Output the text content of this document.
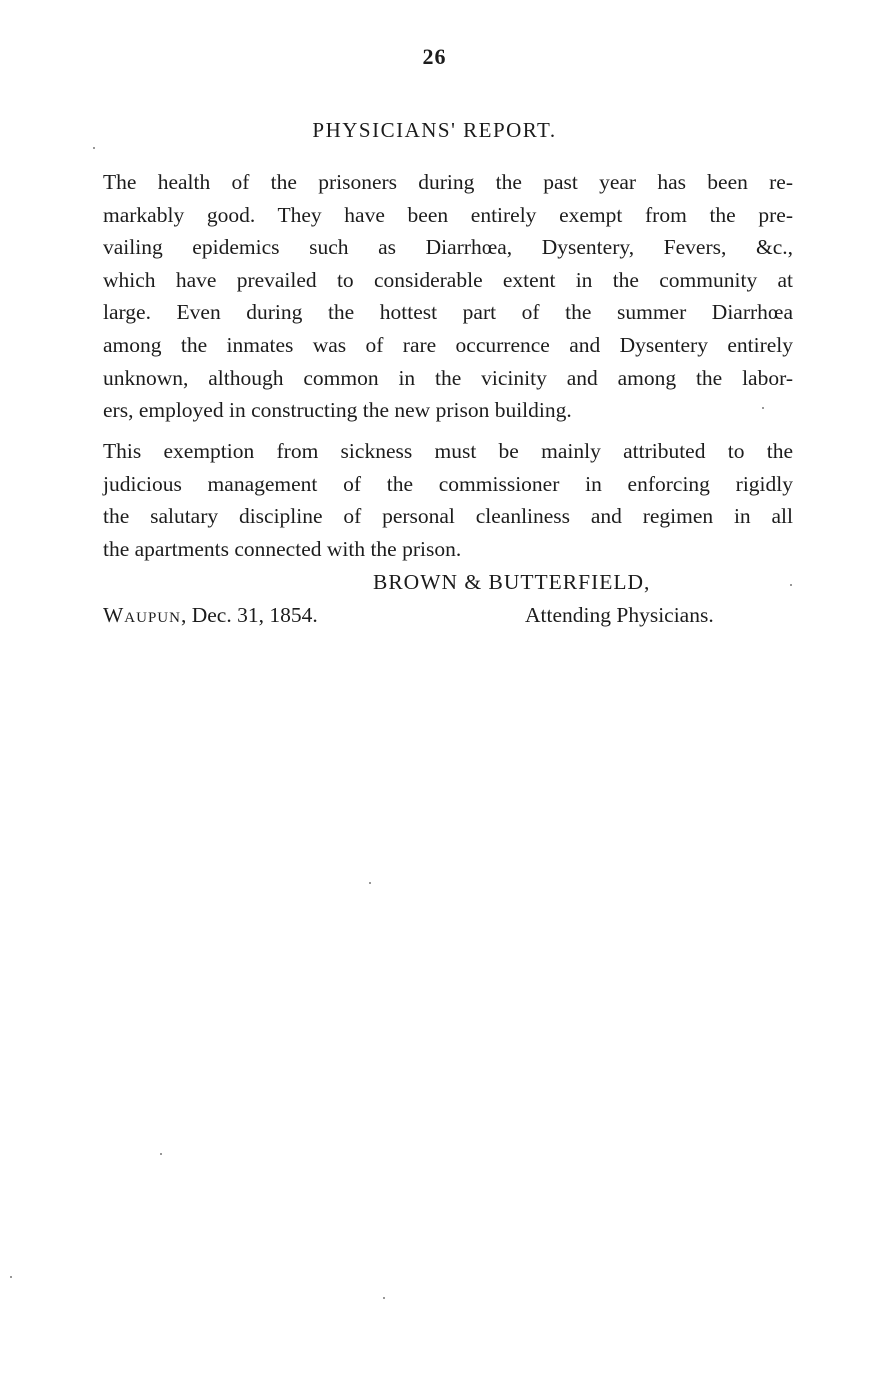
26
PHYSICIANS' REPORT.
The health of the prisoners during the past year has been re-
markably good. They have been entirely exempt from the pre-
vailing epidemics such as Diarrhœa, Dysentery, Fevers, &c.,
which have prevailed to considerable extent in the community at
large. Even during the hottest part of the summer Diarrhœa
among the inmates was of rare occurrence and Dysentery entirely
unknown, although common in the vicinity and among the labor-
ers, employed in constructing the new prison building.
This exemption from sickness must be mainly attributed to the
judicious management of the commissioner in enforcing rigidly
the salutary discipline of personal cleanliness and regimen in all
the apartments connected with the prison.
BROWN & BUTTERFIELD,
Waupun, Dec. 31, 1854.	Attending Physicians.
